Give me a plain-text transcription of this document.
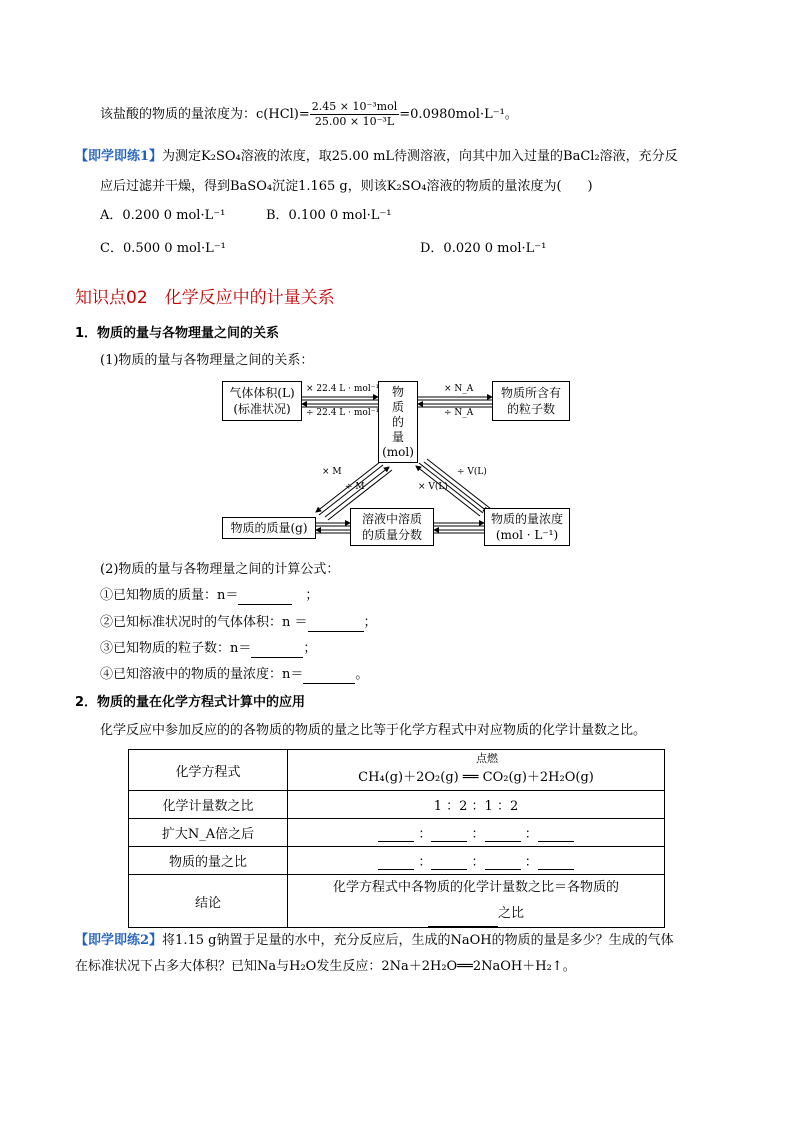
该盐酸的物质的量浓度为：$c(HCl)= \frac{\text{2.45 × 10⁻³mol}}{\text{25.00 × 10⁻³L}} =0.0980mol\cdot L^{-1}$。
【即学即练1】为测定K₂SO₄溶液的浓度，取25.00 mL待测溶液，向其中加入过量的BaCl₂溶液，充分反
应后过滤并干燥，得到BaSO₄沉淀1.165 g，则该K₂SO₄溶液的物质的量浓度为(　　)
A．0.200 0 mol·L⁻¹	B．0.100 0 mol·L⁻¹
C．0.500 0 mol·L⁻¹	D．0.020 0 mol·L⁻¹
知识点02　化学反应中的计量关系
1．物质的量与各物理量之间的关系
(1)物质的量与各物理量之间的关系：
气体体积(L)
(标准状况)
物
质
的
量
(mol)
物质所含有
的粒子数
物质的质量(g)
溶液中溶质
的质量分数
物质的量浓度
(mol · L⁻¹)
× 22.4 L · mol⁻¹
÷ 22.4 L · mol⁻¹
× N_A
÷ N_A
× M
÷ M
÷ V(L)
× V(L)
(2)物质的量与各物理量之间的计算公式：
①已知物质的质量：n＝　	；
②已知标准状况时的气体体积：n ＝	；
③已知物质的粒子数：n＝	；
④已知溶液中的物质的量浓度：n＝	。
2．物质的量在化学方程式计算中的应用
化学反应中参加反应的的各物质的物质的量之比等于化学方程式中对应物质的化学计量数之比。
化学方程式	点燃
CH₄(g)＋2O₂(g) ══ CO₂(g)＋2H₂O(g)
化学计量数之比	1 ：2 ：1 ：2
扩大N_A倍之后	： ： ：
物质的量之比	： ： ：
结论	化学方程式中各物质的化学计量数之比＝各物质的
之比
【即学即练2】将1.15 g钠置于足量的水中，充分反应后，生成的NaOH的物质的量是多少？生成的气体
在标准状况下占多大体积？已知Na与H₂O发生反应：2Na＋2H₂O══2NaOH＋H₂↑。
